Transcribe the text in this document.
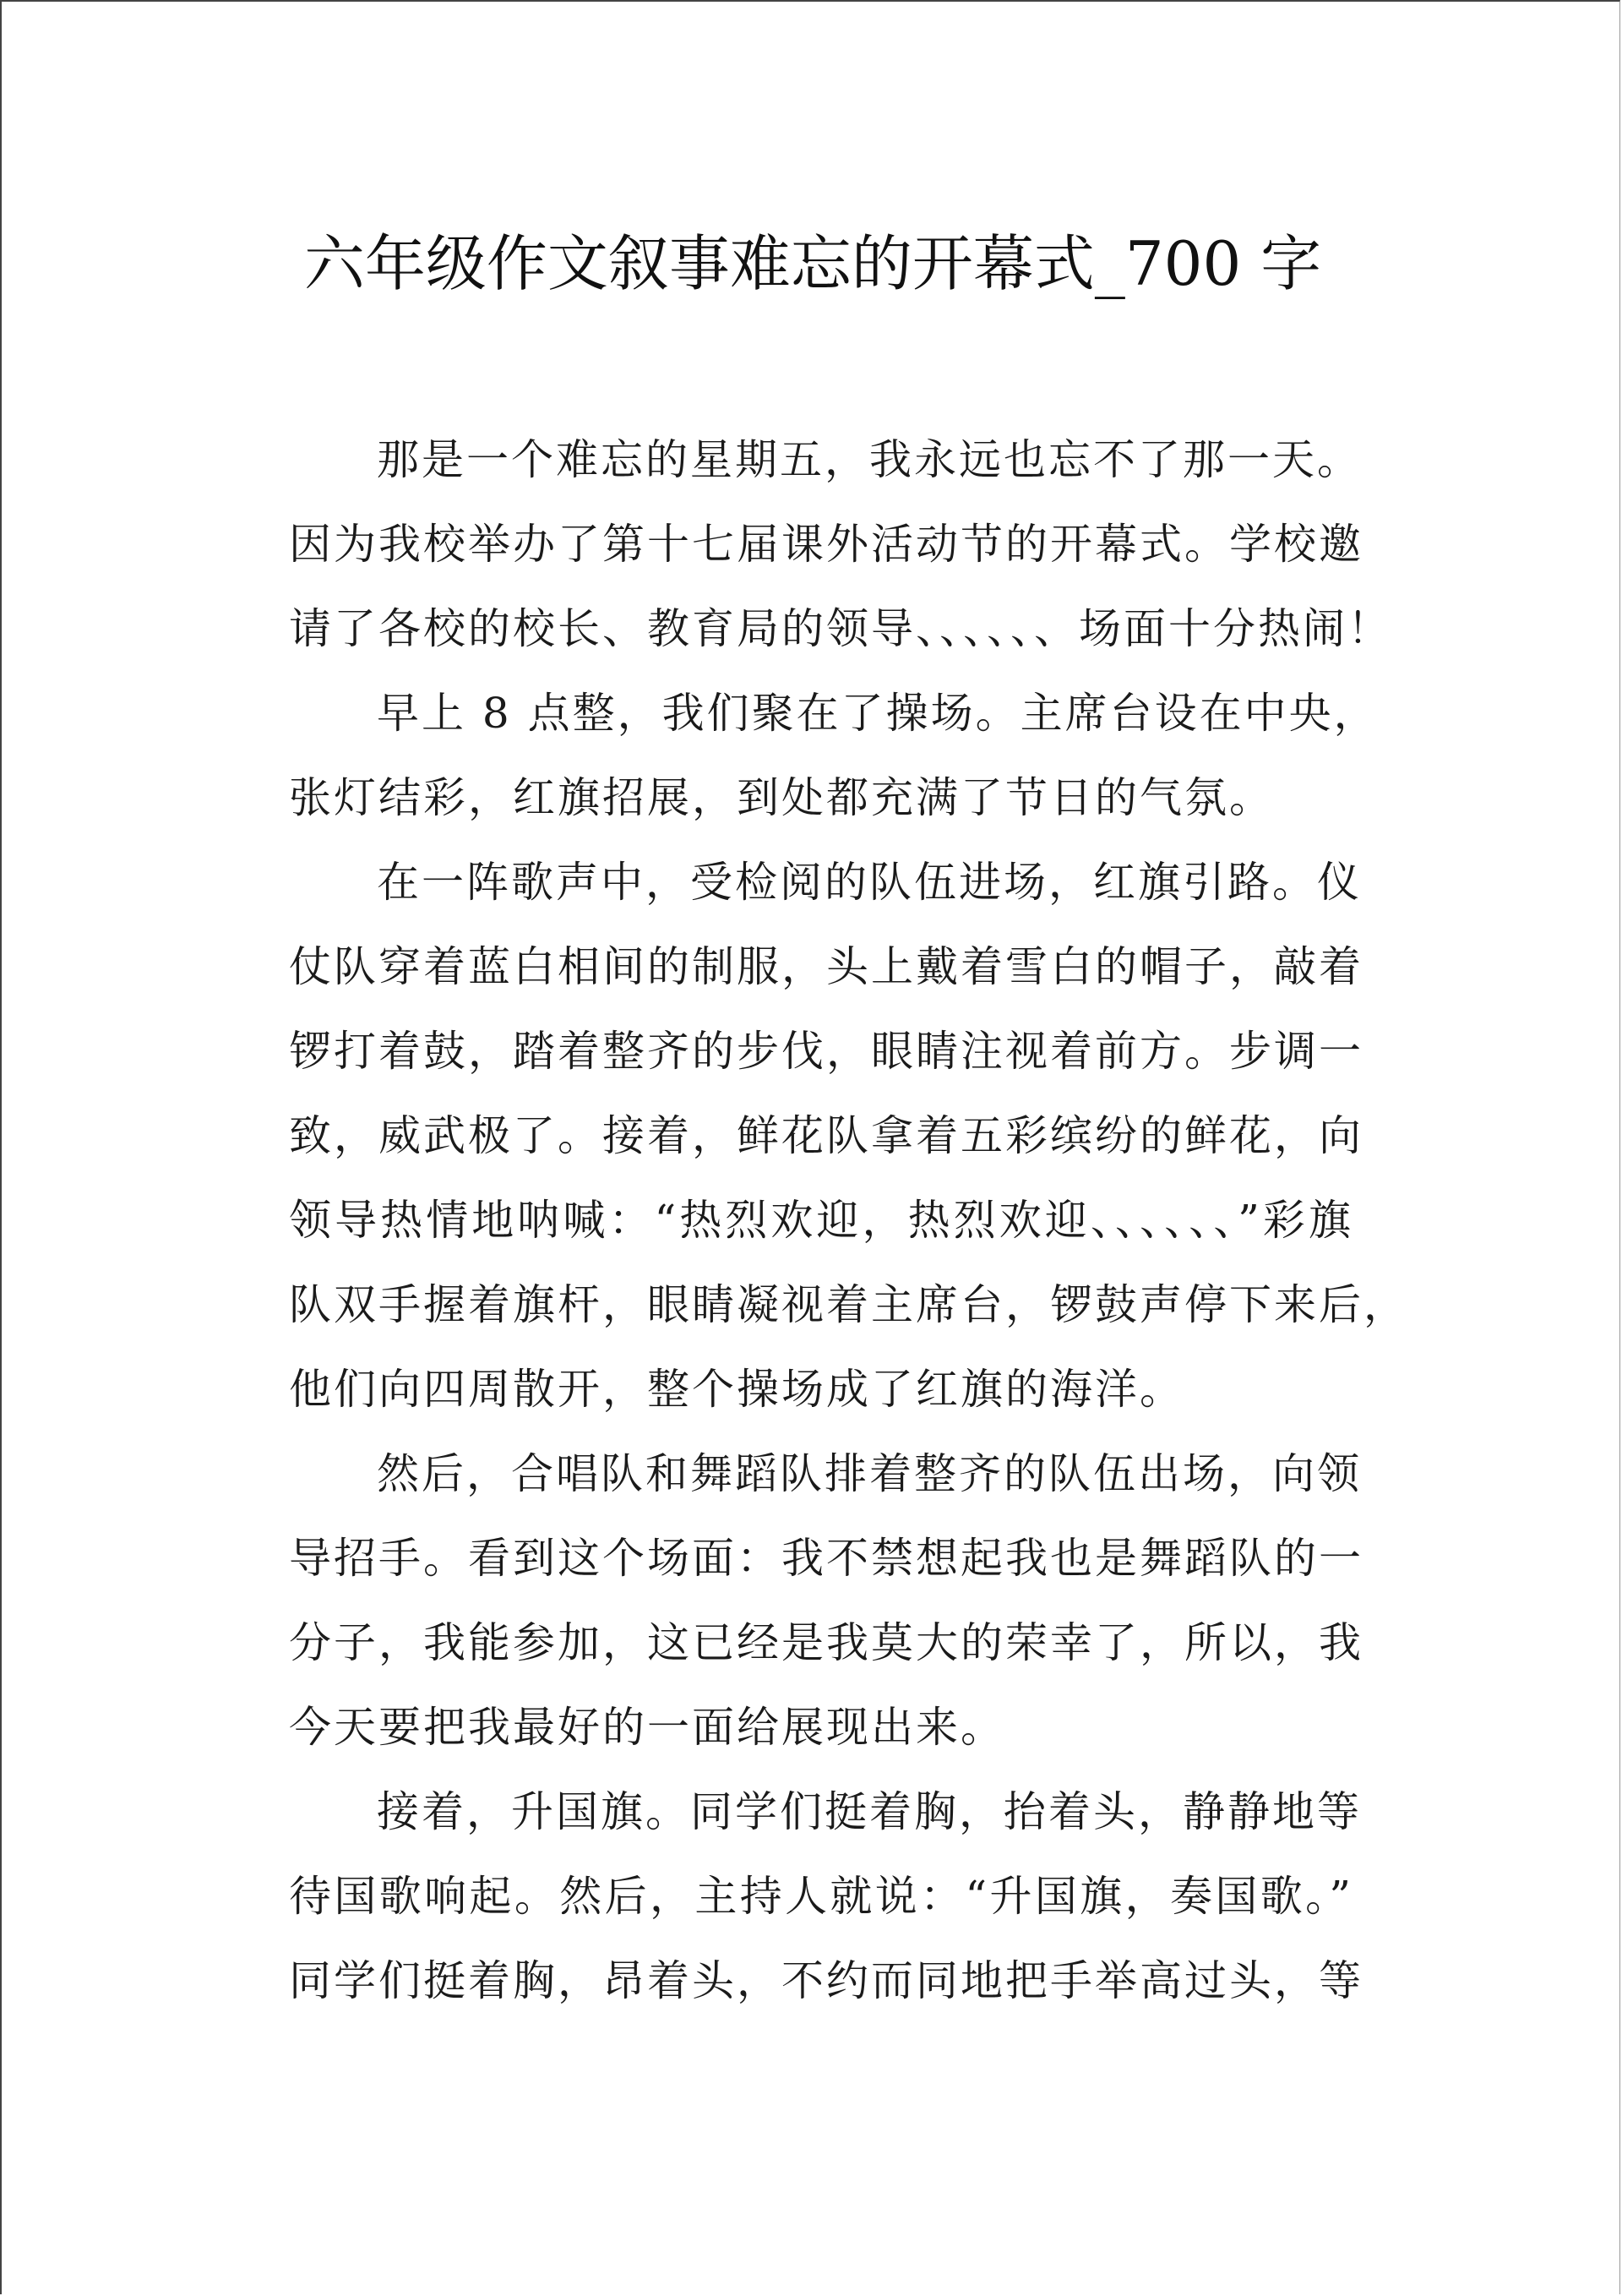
六年级作文叙事难忘的开幕式_700 字
那是一个难忘的星期五，我永远也忘不了那一天。
因为我校举办了第十七届课外活动节的开幕式。学校邀
请了各校的校长、教育局的领导、、、、、、场面十分热闹！
早上 8 点整，我们聚在了操场。主席台设在中央，
张灯结彩，红旗招展，到处都充满了节日的气氛。
在一阵歌声中，受检阅的队伍进场，红旗引路。仪
仗队穿着蓝白相间的制服，头上戴着雪白的帽子，敲着
锣打着鼓，踏着整齐的步伐，眼睛注视着前方。步调一
致，威武极了。接着，鲜花队拿着五彩缤纷的鲜花，向
领导热情地呐喊：“热烈欢迎，热烈欢迎、、、、、、”彩旗
队双手握着旗杆，眼睛凝视着主席台，锣鼓声停下来后，
他们向四周散开，整个操场成了红旗的海洋。
然后，合唱队和舞蹈队排着整齐的队伍出场，向领
导招手。看到这个场面：我不禁想起我也是舞蹈队的一
分子，我能参加，这已经是我莫大的荣幸了，所以，我
今天要把我最好的一面给展现出来。
接着，升国旗。同学们挺着胸，抬着头，静静地等
待国歌响起。然后，主持人就说：“升国旗，奏国歌。”
同学们挺着胸，昂着头，不约而同地把手举高过头，等
